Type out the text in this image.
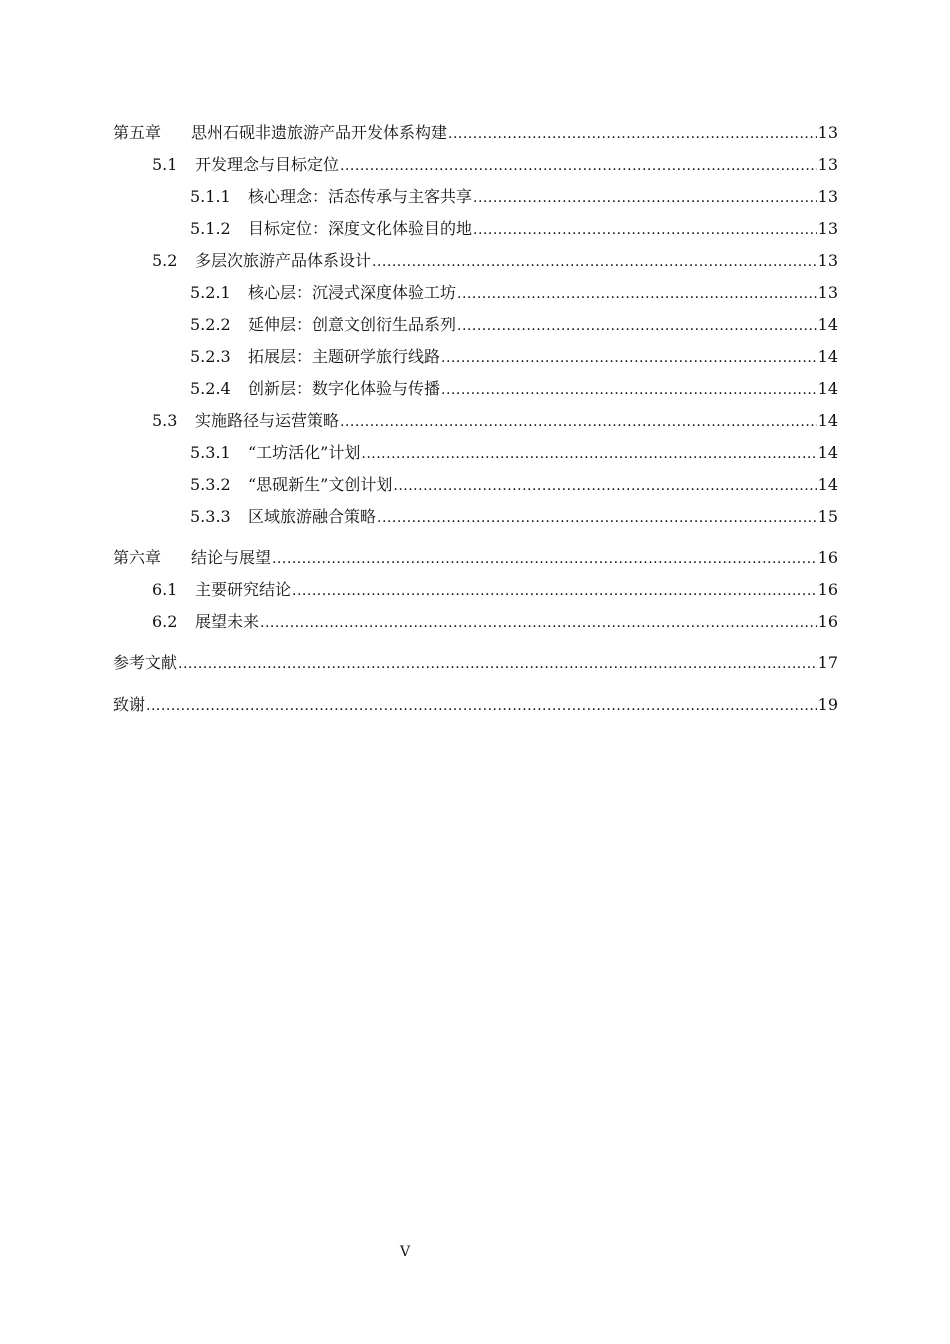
第五章	思州石砚非遗旅游产品开发体系构建 .....	13
5.1	开发理念与目标定位 .....	13
5.1.1	核心理念：活态传承与主客共享 .....	13
5.1.2	目标定位：深度文化体验目的地 .....	13
5.2	多层次旅游产品体系设计 .....	13
5.2.1	核心层：沉浸式深度体验工坊 .....	13
5.2.2	延伸层：创意文创衍生品系列 .....	14
5.2.3	拓展层：主题研学旅行线路 .....	14
5.2.4	创新层：数字化体验与传播 .....	14
5.3	实施路径与运营策略 .....	14
5.3.1	“工坊活化”计划 .....	14
5.3.2	“思砚新生”文创计划 .....	14
5.3.3	区域旅游融合策略 .....	15
第六章	结论与展望 .....	16
6.1	主要研究结论 .....	16
6.2	展望未来 .....	16
参考文献 .....	17
致谢 .....	19
V
